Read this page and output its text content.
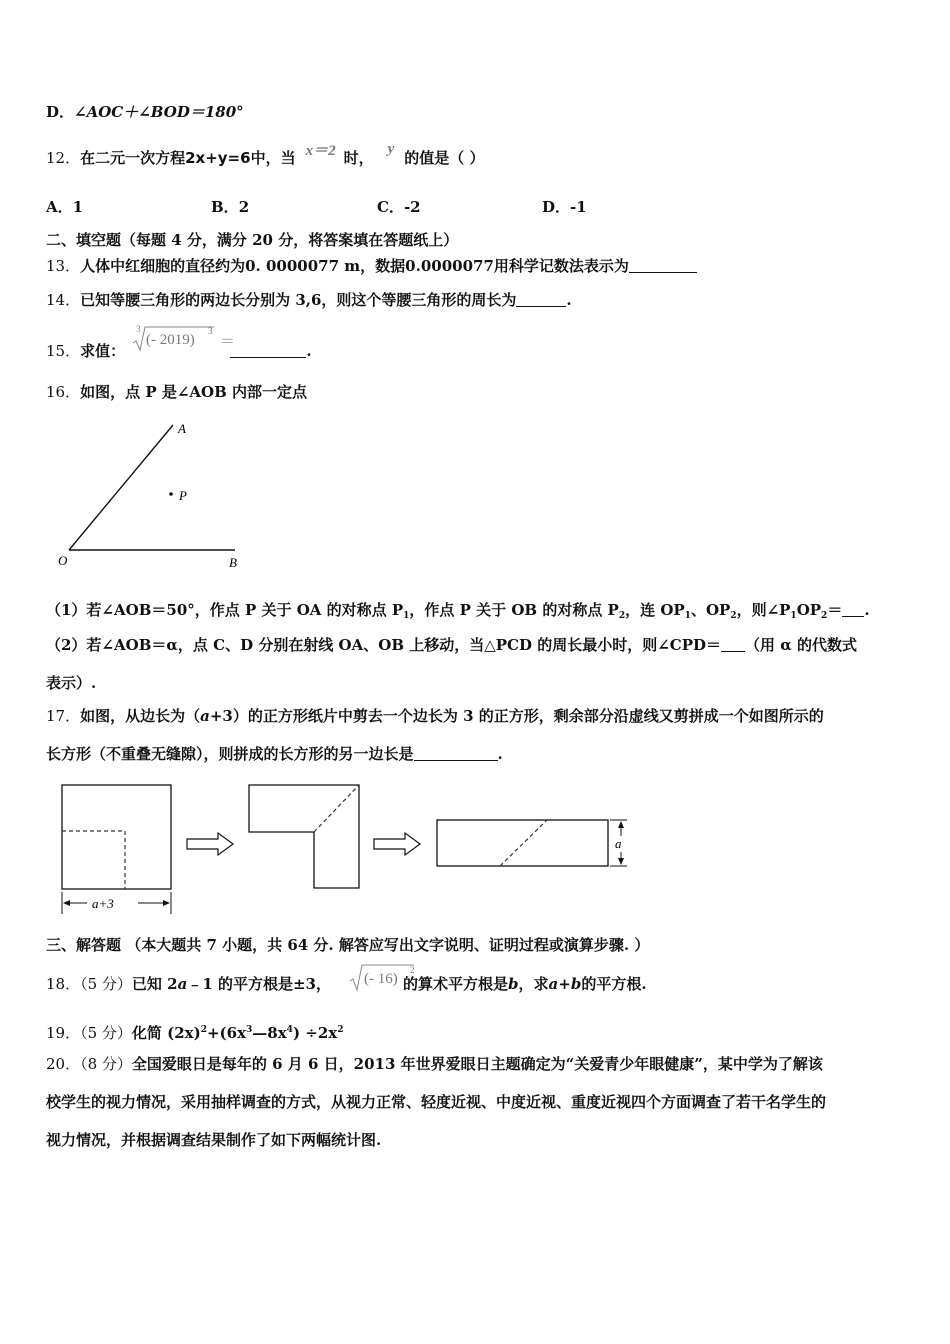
D．∠AOC＋∠BOD＝180°
12．在二元一次方程2x+y=6中，当 x＝2 时， y 的值是（ ）
A．1	B．2	C．-2	D．-1
二、填空题（每题 4 分，满分 20 分，将答案填在答题纸上）
13．人体中红细胞的直径约为0. 0000077 m，数据0.0000077用科学记数法表示为
14．已知等腰三角形的两边长分别为 3,6，则这个等腰三角形的周长为	.
15．求值：	.
3
(- 2019)
3
＝
16．如图，点 P 是∠AOB 内部一定点
A
P
O	B
（1）若∠AOB＝50°，作点 P 关于 OA 的对称点 $P_1$，作点 P 关于 OB 的对称点 $P_2$，连 $OP_1$、$OP_2$，则$\angle P_1OP_2=$ .
（2）若∠AOB＝α，点 C、D 分别在射线 OA、OB 上移动，当△PCD 的周长最小时，则∠CPD＝ （用 α 的代数式
表示）.
17．如图，从边长为（a+3）的正方形纸片中剪去一个边长为 3 的正方形，剩余部分沿虚线又剪拼成一个如图所示的
长方形（不重叠无缝隙），则拼成的长方形的另一边长是	.
a+3
a
三、解答题 （本大题共 7 小题，共 64 分. 解答应写出文字说明、证明过程或演算步骤. ）
18．（5 分）已知 2a﹣1 的平方根是±3，	的算术平方根是b，求a+b的平方根.
(- 16)
2
19．（5 分）化简 $(2x)^2+(6x^3—8x^4) \div 2x^2$
20．（8 分）全国爱眼日是每年的 6 月 6 日，2013 年世界爱眼日主题确定为“关爱青少年眼健康”，某中学为了解该
校学生的视力情况，采用抽样调查的方式，从视力正常、轻度近视、中度近视、重度近视四个方面调查了若干名学生的
视力情况，并根据调查结果制作了如下两幅统计图.
